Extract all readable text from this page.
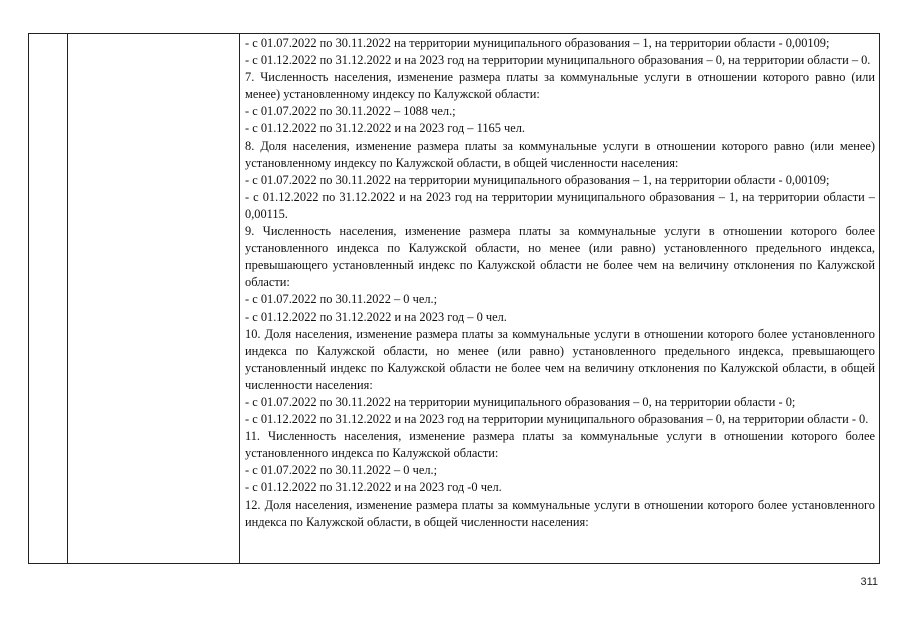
- с 01.07.2022 по 30.11.2022 на территории муниципального образования – 1, на территории области - 0,00109;

- с 01.12.2022 по 31.12.2022 и на 2023 год на территории муниципального образования – 0, на территории области – 0.

7. Численность населения, изменение размера платы за коммунальные услуги в отношении которого равно (или менее) установленному индексу по Калужской области:

- с 01.07.2022 по 30.11.2022 – 1088 чел.;

- с 01.12.2022 по 31.12.2022 и на 2023 год – 1165 чел.

8. Доля населения, изменение размера платы за коммунальные услуги в отношении которого равно (или менее) установленному индексу по Калужской области, в общей численности населения:

- с 01.07.2022 по 30.11.2022 на территории муниципального образования – 1, на территории области - 0,00109;

- с 01.12.2022 по 31.12.2022 и на 2023 год на территории муниципального образования – 1, на территории области – 0,00115.

9. Численность населения, изменение размера платы за коммунальные услуги в отношении которого более установленного индекса по Калужской области, но менее (или равно) установленного предельного индекса, превышающего установленный индекс по Калужской области не более чем на величину отклонения по Калужской области:

- с 01.07.2022 по 30.11.2022 – 0 чел.;

- с 01.12.2022 по 31.12.2022 и на 2023 год – 0 чел.

10. Доля населения, изменение размера платы за коммунальные услуги в отношении которого более установленного индекса по Калужской области, но менее (или равно) установленного предельного индекса, превышающего установленный индекс по Калужской области не более чем на величину отклонения по Калужской области, в общей численности населения:

- с 01.07.2022 по 30.11.2022 на территории муниципального образования – 0, на территории области - 0;

- с 01.12.2022 по 31.12.2022 и на 2023 год на территории муниципального образования – 0, на территории области - 0.

11. Численность населения, изменение размера платы за коммунальные услуги в отношении которого более установленного индекса по Калужской области:

- с 01.07.2022 по 30.11.2022 – 0 чел.;

- с 01.12.2022 по 31.12.2022 и на 2023 год -0 чел.

12. Доля населения, изменение размера платы за коммунальные услуги в отношении которого более установленного индекса по Калужской области, в общей численности населения:

311
